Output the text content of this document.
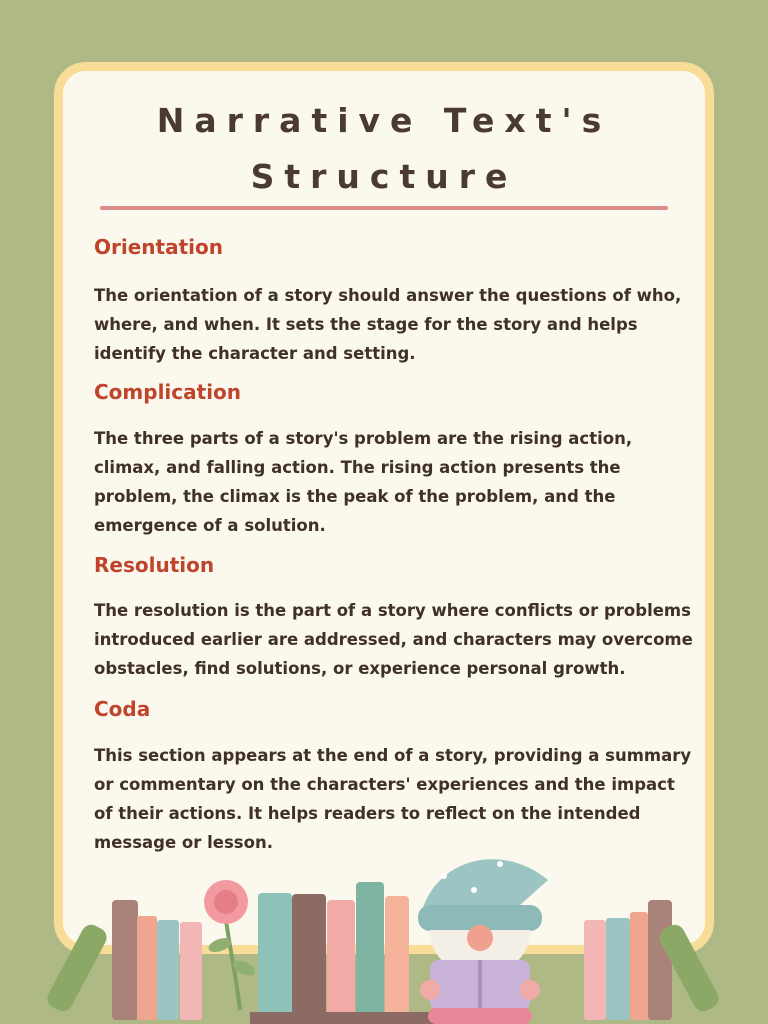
Narrative Text's
Structure
Orientation
The orientation of a story should answer the questions of who, where, and when. It sets the stage for the story and helps identify the character and setting.
Complication
The three parts of a story's problem are the rising action, climax, and falling action. The rising action presents the problem, the climax is the peak of the problem, and the emergence of a solution.
Resolution
The resolution is the part of a story where conflicts or problems introduced earlier are addressed, and characters may overcome obstacles, find solutions, or experience personal growth.
Coda
This section appears at the end of a story, providing a summary or commentary on the characters' experiences and the impact of their actions. It helps readers to reflect on the intended message or lesson.
